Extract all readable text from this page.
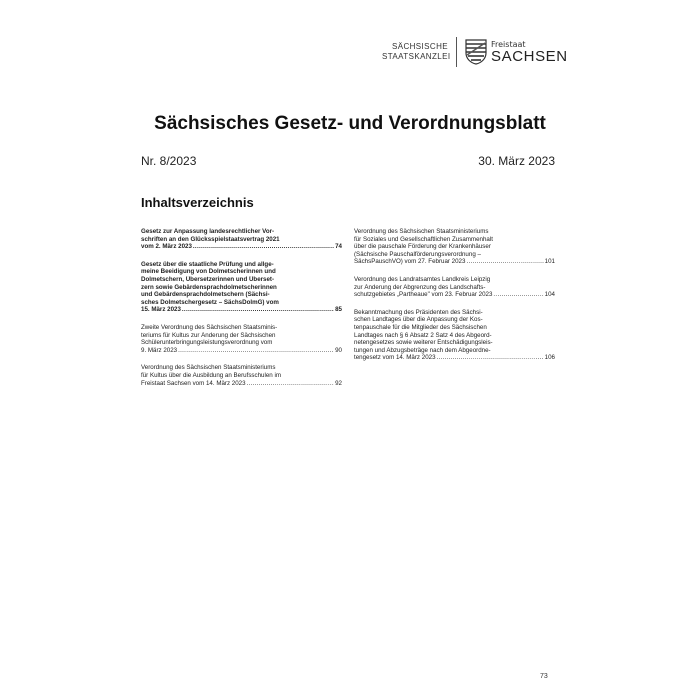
SÄCHSISCHE
STAATSKANZLEI
Freistaat
SACHSEN
Sächsisches Gesetz- und Verordnungsblatt
Nr. 8/2023	30. März 2023
Inhaltsverzeichnis
Gesetz zur Anpassung landesrechtlicher Vor-
schriften an den Glücksspielstaatsvertrag 2021
vom 2. März 2023 .....	74
Gesetz über die staatliche Prüfung und allge-
meine Beeidigung von Dolmetscherinnen und
Dolmetschern, Übersetzerinnen und Überset-
zern sowie Gebärdensprachdolmetscherinnen
und Gebärdensprachdolmetschern (Sächsi-
sches Dolmetschergesetz – SächsDolmG) vom
15. März 2023 .....	85
Zweite Verordnung des Sächsischen Staatsminis-
teriums für Kultus zur Änderung der Sächsischen
Schülerunterbringungsleistungsverordnung vom
9. März 2023 .....	90
Verordnung des Sächsischen Staatsministeriums
für Kultus über die Ausbildung an Berufsschulen im
Freistaat Sachsen vom 14. März 2023 .....	92
Verordnung des Sächsischen Staatsministeriums
für Soziales und Gesellschaftlichen Zusammenhalt
über die pauschale Förderung der Krankenhäuser
(Sächsische Pauschalförderungsverordnung –
SächsPauschVO) vom 27. Februar 2023 .....	101
Verordnung des Landratsamtes Landkreis Leipzig
zur Änderung der Abgrenzung des Landschafts-
schutzgebietes „Partheaue" vom 23. Februar 2023 .....	104
Bekanntmachung des Präsidenten des Sächsi-
schen Landtages über die Anpassung der Kos-
tenpauschale für die Mitglieder des Sächsischen
Landtages nach § 6 Absatz 2 Satz 4 des Abgeord-
netengesetzes sowie weiterer Entschädigungsleis-
tungen und Abzugsbeträge nach dem Abgeordne-
tengesetz vom 14. März 2023 .....	106
73
